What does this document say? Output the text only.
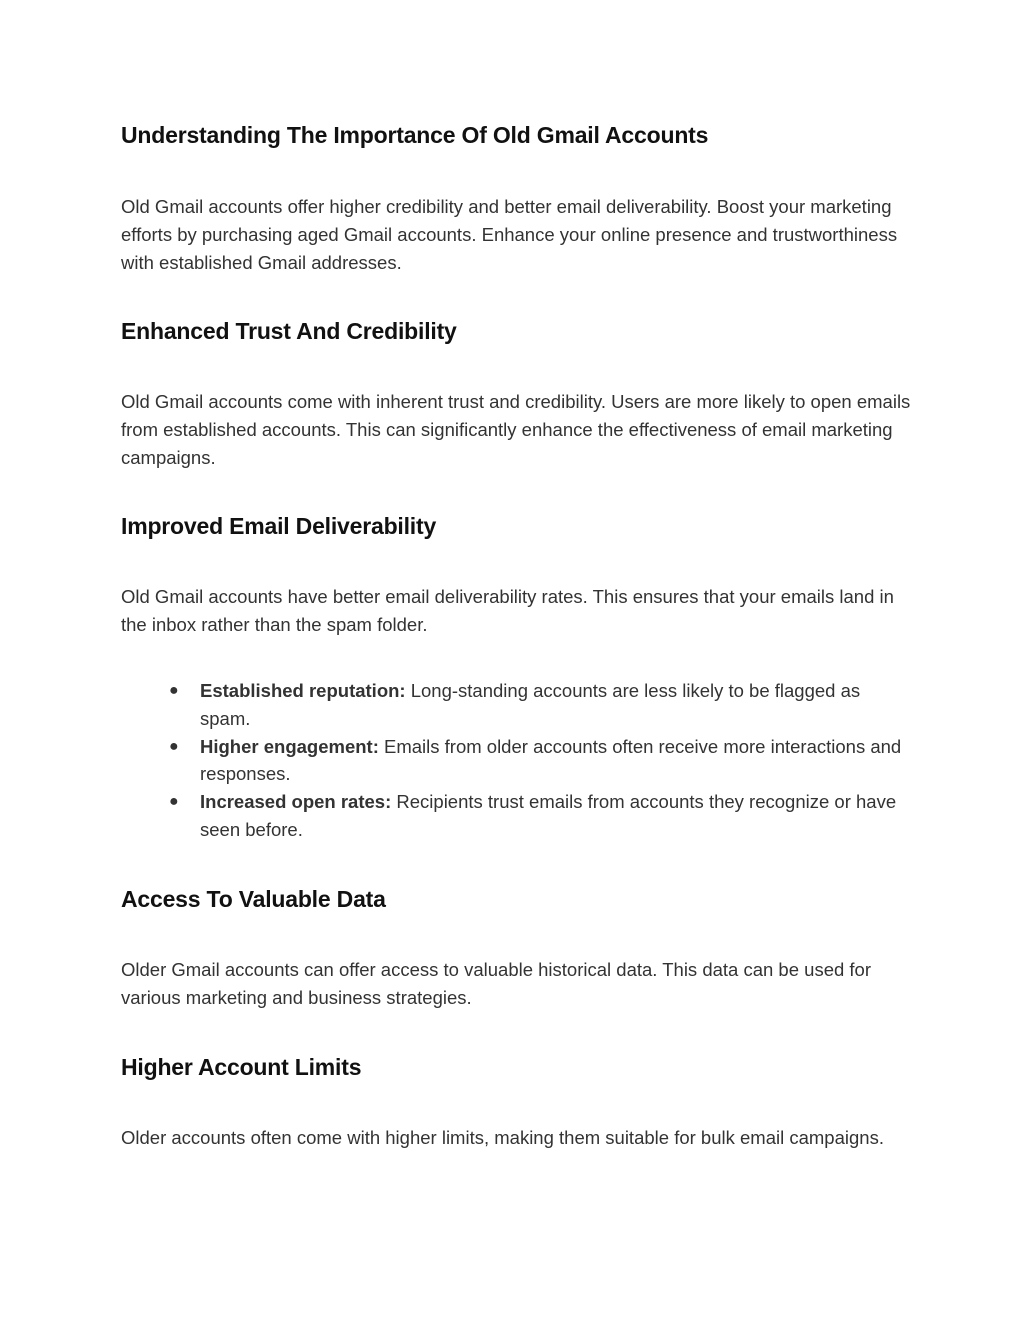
Understanding The Importance Of Old Gmail Accounts

Old Gmail accounts offer higher credibility and better email deliverability. Boost your marketing efforts by purchasing aged Gmail accounts. Enhance your online presence and trustworthiness with established Gmail addresses.

Enhanced Trust And Credibility

Old Gmail accounts come with inherent trust and credibility. Users are more likely to open emails from established accounts. This can significantly enhance the effectiveness of email marketing campaigns.

Improved Email Deliverability

Old Gmail accounts have better email deliverability rates. This ensures that your emails land in the inbox rather than the spam folder.

● Established reputation: Long-standing accounts are less likely to be flagged as spam.
● Higher engagement: Emails from older accounts often receive more interactions and responses.
● Increased open rates: Recipients trust emails from accounts they recognize or have seen before.
Access To Valuable Data

Older Gmail accounts can offer access to valuable historical data. This data can be used for various marketing and business strategies.

Higher Account Limits

Older accounts often come with higher limits, making them suitable for bulk email campaigns.
